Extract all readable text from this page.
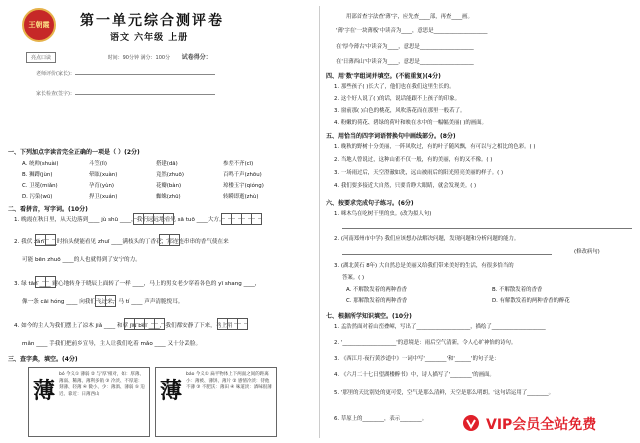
王朝霞	第一单元综合测评卷
语文 六年级 上册
亮点口诀	时间：90分钟 满分：100分 试卷得分：
老师评价(家长)：
家长检查(签字)：
一、下列加点字读音完全正确的一项是（ ）(2分)
A. 统帅(shuài)	斗笠(lì)	搭建(dā)	参差不齐(cī)
B. 狮蹲(jùn)	晕眩(xuàn)	竟然(zhuō)	百鸣千声(zhōu)
C. 卫冕(miǎn)	孕育(yùn)	花瓣(bàn)	琼楼玉宇(qióng)
D. 污染(wū)	捍卫(xuán)	蜘蛛(zhū)	转瞬即逝(zhù)
二、看拼音，写字词。(10分)
1. 晚霞在秋日里，从天边落到____ jù shū ____，我们远远地看见 sā tuō ____大方。
2. 我伏 zǎn ____时抬头便能看见 zhuī ____满枝头的丁香花，那连连串串的香气使在来
可能 bēn zhuō ____的人也就得到了安宁的力。
3. 绿 tān ____ 耐心地转身于晓辰上面转了一样 ____，马上的男女老少穿着各色的 yī shang ____，
像一条 cāi hóng ____ 向我们飞过来，马 tí ____ 声声清脆悦耳。
4. 如今的主人为我们摆上了凉木 jiǎ ____ 和草 jiū bèi ____，我们都安静了下来，马上用
mǎn ____ 手我们把前乡宣导，主人让我们吃着 mǎo ____ 又十分丢脸。
三、查字典，填空。(4分)
薄
bó 今义① 薄弱 ② 与'厚'相对，如：厚薄、薄弱、稀薄、薄利多销 ③ 冷淡、不厚道：刻薄、轻薄 ④ 微小、少：薄酒、薄弱 ⑤ 迫近、靠近：日薄西山	薄
báo 今义① 扁平物体上下两面之间的距离小：薄被、薄饼、薄片 ② 感情冷淡：待他不薄 ③ 不肥沃：薄田 ④ 味道淡：酒味很薄
用部首查字法查'薄'字，应先查____部，再查____画。
'薄'字在'一块薄板'中读音为____，意思是____________________
在'厚今薄古'中读音为____，意思是____________________
在'日薄西山'中读音为____，意思是____________________
四、用'数'字组词并填空。(不能重复)(4分)
1. 那些孩子( )长大了，他们也在我们这里生长的。
2. 这个好人说了( )的话，说话能跟不上孩子的印象。
3. 窗前那( )白色的桃花，风吹落花而在那里一般若了。
4. 粉嫩的荷花、碧绿的荷叶和映在水中的一幅幅美丽( )的画面。
五、用恰当的四字词语替换句中画线部分。(8分)
1. 晚秋的野树十分美丽，一阵风吹过，有的叶子随风飘，有可以与之相比的色彩。( )
2. 当地人曾说过，这种山雀不仅一般，有的美丽，有的又不像。( )
3. 一场雨过后，天空澄澈如洗，远山被雨后的阳光照亮美丽的样子。( )
4. 我们要多接近大自然，只要肯睁大眼睛，就会发现美。( )
六、按要求完成句子练习。(6分)
1. 咪木鸟在吃树干里的虫。(改为拟人句)
2. (河南郑州市中学) 我们应该想办法解决问题，发现问题和分析问题的能力。
(修改病句)
3. (湖北黄石 8年) 大自然总是美丽又给我们带来美好的生活，有很多恰当的
答案。( )
A. 不解散发着的两种香香	B. 不解散发着的香香
C. 那解散发着的两种香香	D. 有解散发着的两种香香的醉花
七、根据所学知识填空。(10分)
1. 孟浩然面对着山峦叠嶂，写出了____________________，描绘了____________________
2. '____________________'的意境是：雨后空气清新，令人心旷神怡的诗句。
3. 《西江月·夜行黄沙道中》一词中写'________'和'______'的句子是：
4. 《六月二十七日望湖楼醉书》中，诗人描写了'________'的画面。
5. '那里的天比别处的更可爱，空气是那么清鲜，天空是那么明朗。'这句话运用了________。
6. 草原上的________，表示________。	VIP会员全站免费
